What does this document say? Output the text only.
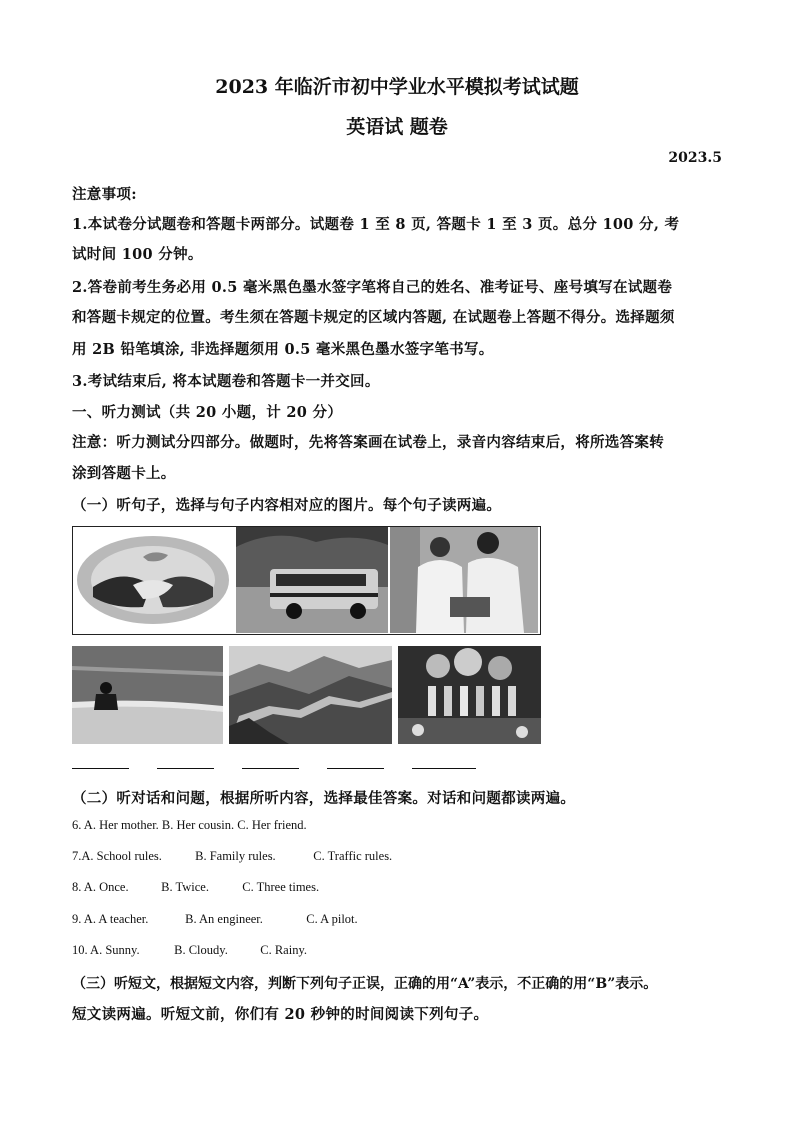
2023 年临沂市初中学业水平模拟考试试题
英语试 题卷
2023.5
注意事项:
1.本试卷分试题卷和答题卡两部分。试题卷 1 至 8 页, 答题卡 1 至 3 页。总分 100 分, 考
试时间 100 分钟。
2.答卷前考生务必用 0.5 毫米黑色墨水签字笔将自己的姓名、准考证号、座号填写在试题卷
和答题卡规定的位置。考生须在答题卡规定的区域内答题, 在试题卷上答题不得分。选择题须
用 2B 铅笔填涂, 非选择题须用 0.5 毫米黑色墨水签字笔书写。
3.考试结束后, 将本试题卷和答题卡一并交回。
一、听力测试（共 20 小题，计 20 分）
注意：听力测试分四部分。做题时，先将答案画在试卷上，录音内容结束后，将所选答案转
涂到答题卡上。
（一）听句子，选择与句子内容相对应的图片。每个句子读两遍。
（二）听对话和问题，根据所听内容，选择最佳答案。对话和问题都读两遍。
6. A. Her mother. B. Her cousin. C. Her friend.
7.A. School rules.	B. Family rules.	C. Traffic rules.
8. A. Once.	B. Twice.	C. Three times.
9. A. A teacher.	B. An engineer.	C. A pilot.
10. A. Sunny.	B. Cloudy.	C. Rainy.
（三）听短文，根据短文内容，判断下列句子正误，正确的用“A”表示，不正确的用“B”表示。
短文读两遍。听短文前，你们有 20 秒钟的时间阅读下列句子。
